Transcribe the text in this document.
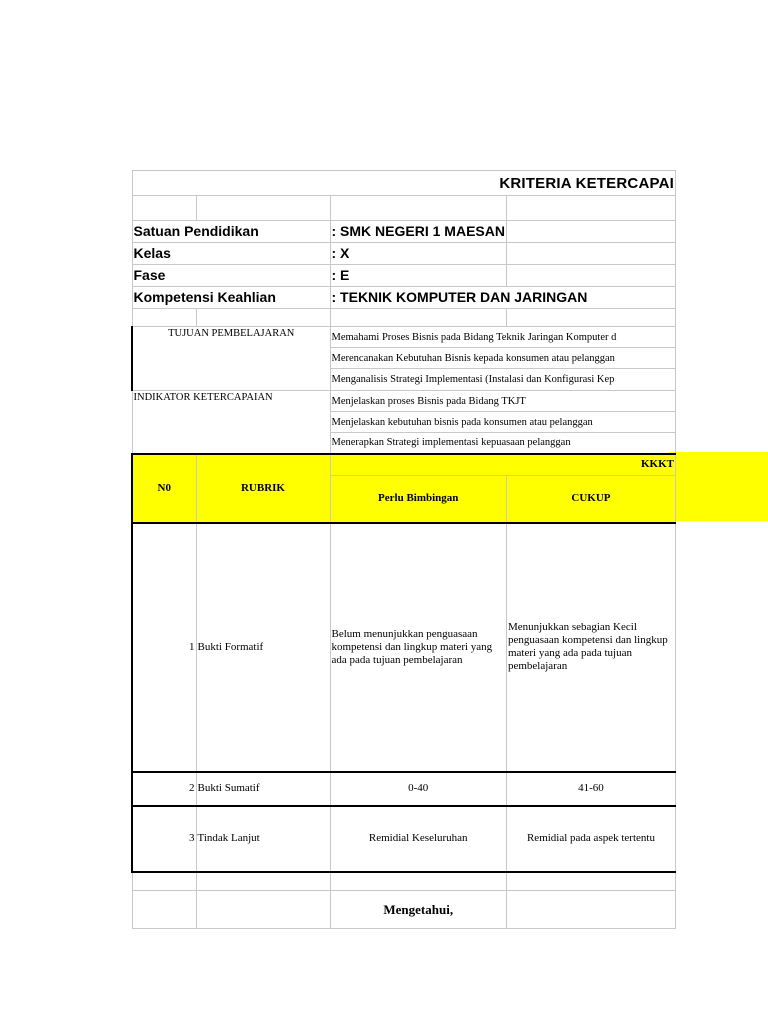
KRITERIA KETERCAPAI			

Satuan Pendidikan		: SMK NEGERI 1 MAESAN	
Kelas		: X	
Fase		: E	
Kompetensi Keahlian		: TEKNIK KOMPUTER DAN JARINGAN	

TUJUAN PEMBELAJARAN		Memahami Proses Bisnis pada Bidang Teknik Jaringan Komputer d	
		Merencanakan Kebutuhan Bisnis kepada konsumen atau pelanggan	
		Menganalisis Strategi Implementasi (Instalasi dan Konfigurasi Kep	
INDIKATOR KETERCAPAIAN		Menjelaskan proses Bisnis pada Bidang TKJT	
		Menjelaskan kebutuhan bisnis pada konsumen atau pelanggan	
		Menerapkan Strategi implementasi kepuasaan pelanggan	
N0	RUBRIK	KKKT	
		Perlu Bimbingan	CUKUP
1	Bukti Formatif	Belum menunjukkan penguasaan kompetensi dan lingkup materi yang ada pada tujuan pembelajaran	Menunjukkan sebagian Kecil penguasaan kompetensi dan lingkup materi yang ada pada tujuan pembelajaran
2	Bukti Sumatif	0-40	41-60
3	Tindak Lanjut	Remidial Keseluruhan	Remidial pada aspek tertentu

		Mengetahui,	
